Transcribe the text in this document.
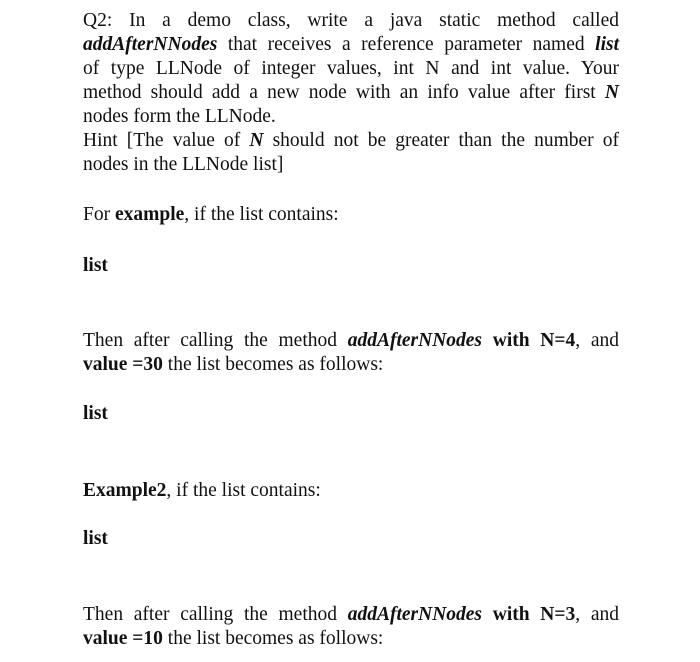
Q2: In a demo class, write a java static method called
addAfterNNodes that receives a reference parameter named list
of type LLNode of integer values, int N and int value. Your
method should add a new node with an info value after first N
nodes form the LLNode.
Hint [The value of N should not be greater than the number of
nodes in the LLNode list]
For example, if the list contains:
list
Then after calling the method addAfterNNodes with N=4, and
value =30 the list becomes as follows:
list
Example2, if the list contains:
list
Then after calling the method addAfterNNodes with N=3, and
value =10 the list becomes as follows:
